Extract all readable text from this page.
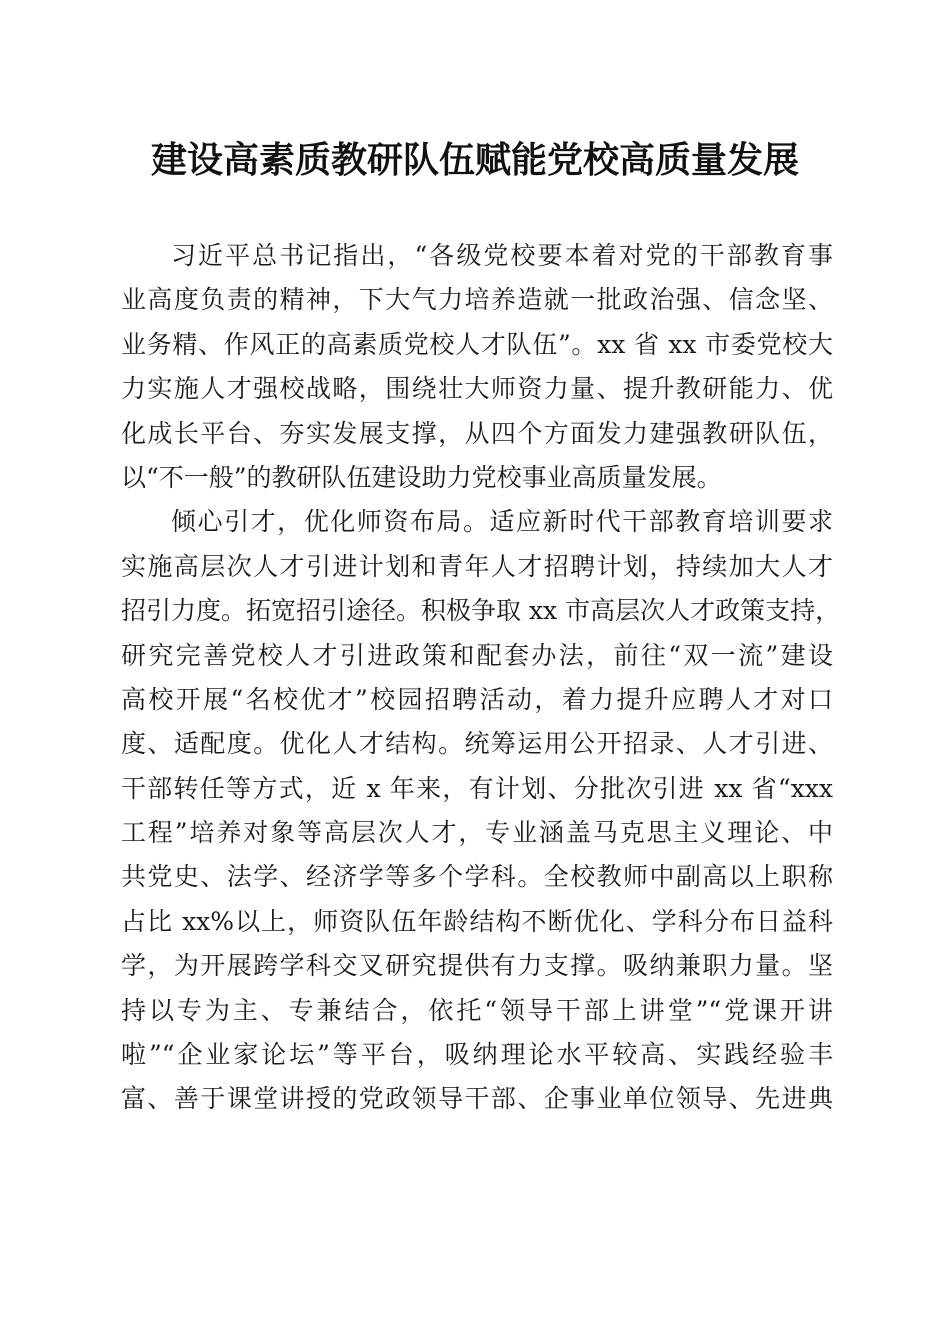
建设高素质教研队伍赋能党校高质量发展
习近平总书记指出，“各级党校要本着对党的干部教育事
业高度负责的精神，下大气力培养造就一批政治强、信念坚、
业务精、作风正的高素质党校人才队伍”。xx 省 xx 市委党校大
力实施人才强校战略，围绕壮大师资力量、提升教研能力、优
化成长平台、夯实发展支撑，从四个方面发力建强教研队伍，
以“不一般”的教研队伍建设助力党校事业高质量发展。
倾心引才，优化师资布局。适应新时代干部教育培训要求
实施高层次人才引进计划和青年人才招聘计划，持续加大人才
招引力度。拓宽招引途径。积极争取 xx 市高层次人才政策支持，
研究完善党校人才引进政策和配套办法，前往“双一流”建设
高校开展“名校优才”校园招聘活动，着力提升应聘人才对口
度、适配度。优化人才结构。统筹运用公开招录、人才引进、
干部转任等方式，近 x 年来，有计划、分批次引进 xx 省“xxx
工程”培养对象等高层次人才，专业涵盖马克思主义理论、中
共党史、法学、经济学等多个学科。全校教师中副高以上职称
占比 xx%以上，师资队伍年龄结构不断优化、学科分布日益科
学，为开展跨学科交叉研究提供有力支撑。吸纳兼职力量。坚
持以专为主、专兼结合，依托“领导干部上讲堂”“党课开讲
啦”“企业家论坛”等平台，吸纳理论水平较高、实践经验丰
富、善于课堂讲授的党政领导干部、企事业单位领导、先进典
